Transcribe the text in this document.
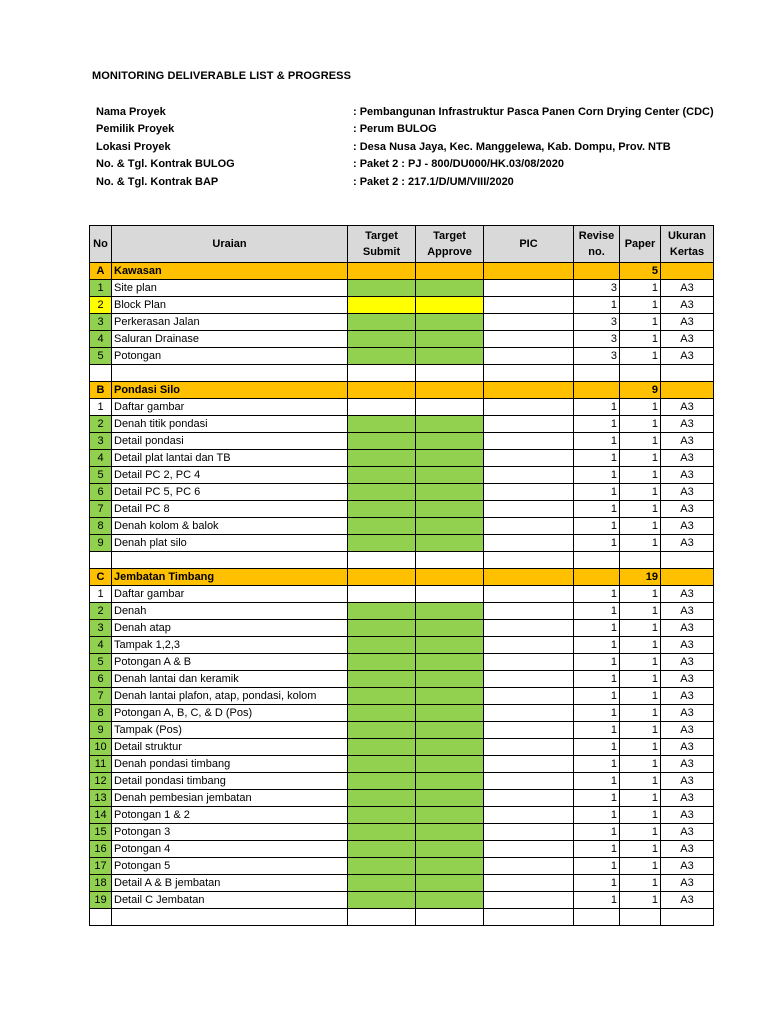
MONITORING DELIVERABLE LIST & PROGRESS
Nama Proyek	: Pembangunan Infrastruktur Pasca Panen Corn Drying Center (CDC)
Pemilik Proyek	: Perum BULOG
Lokasi Proyek	: Desa Nusa Jaya, Kec. Manggelewa, Kab. Dompu, Prov. NTB
No. & Tgl. Kontrak BULOG	: Paket 2 : PJ - 800/DU000/HK.03/08/2020
No. & Tgl. Kontrak BAP	: Paket 2 : 217.1/D/UM/VIII/2020
No	Uraian	Target Submit	Target Approve	PIC	Revise no.	Paper	Ukuran Kertas
A	Kawasan					5	
1	Site plan				3	1	A3
2	Block Plan				1	1	A3
3	Perkerasan Jalan				3	1	A3
4	Saluran Drainase				3	1	A3
5	Potongan				3	1	A3

B	Pondasi Silo					9	
1	Daftar gambar				1	1	A3
2	Denah titik pondasi				1	1	A3
3	Detail pondasi				1	1	A3
4	Detail plat lantai dan TB				1	1	A3
5	Detail PC 2, PC 4				1	1	A3
6	Detail PC 5, PC 6				1	1	A3
7	Detail PC 8				1	1	A3
8	Denah kolom & balok				1	1	A3
9	Denah plat silo				1	1	A3

C	Jembatan Timbang					19	
1	Daftar gambar				1	1	A3
2	Denah				1	1	A3
3	Denah atap				1	1	A3
4	Tampak 1,2,3				1	1	A3
5	Potongan A & B				1	1	A3
6	Denah lantai dan keramik				1	1	A3
7	Denah lantai plafon, atap, pondasi, kolom				1	1	A3
8	Potongan A, B, C, & D (Pos)				1	1	A3
9	Tampak (Pos)				1	1	A3
10	Detail struktur				1	1	A3
11	Denah pondasi timbang				1	1	A3
12	Detail pondasi timbang				1	1	A3
13	Denah pembesian jembatan				1	1	A3
14	Potongan 1 & 2				1	1	A3
15	Potongan 3				1	1	A3
16	Potongan 4				1	1	A3
17	Potongan 5				1	1	A3
18	Detail A & B jembatan				1	1	A3
19	Detail C Jembatan				1	1	A3
